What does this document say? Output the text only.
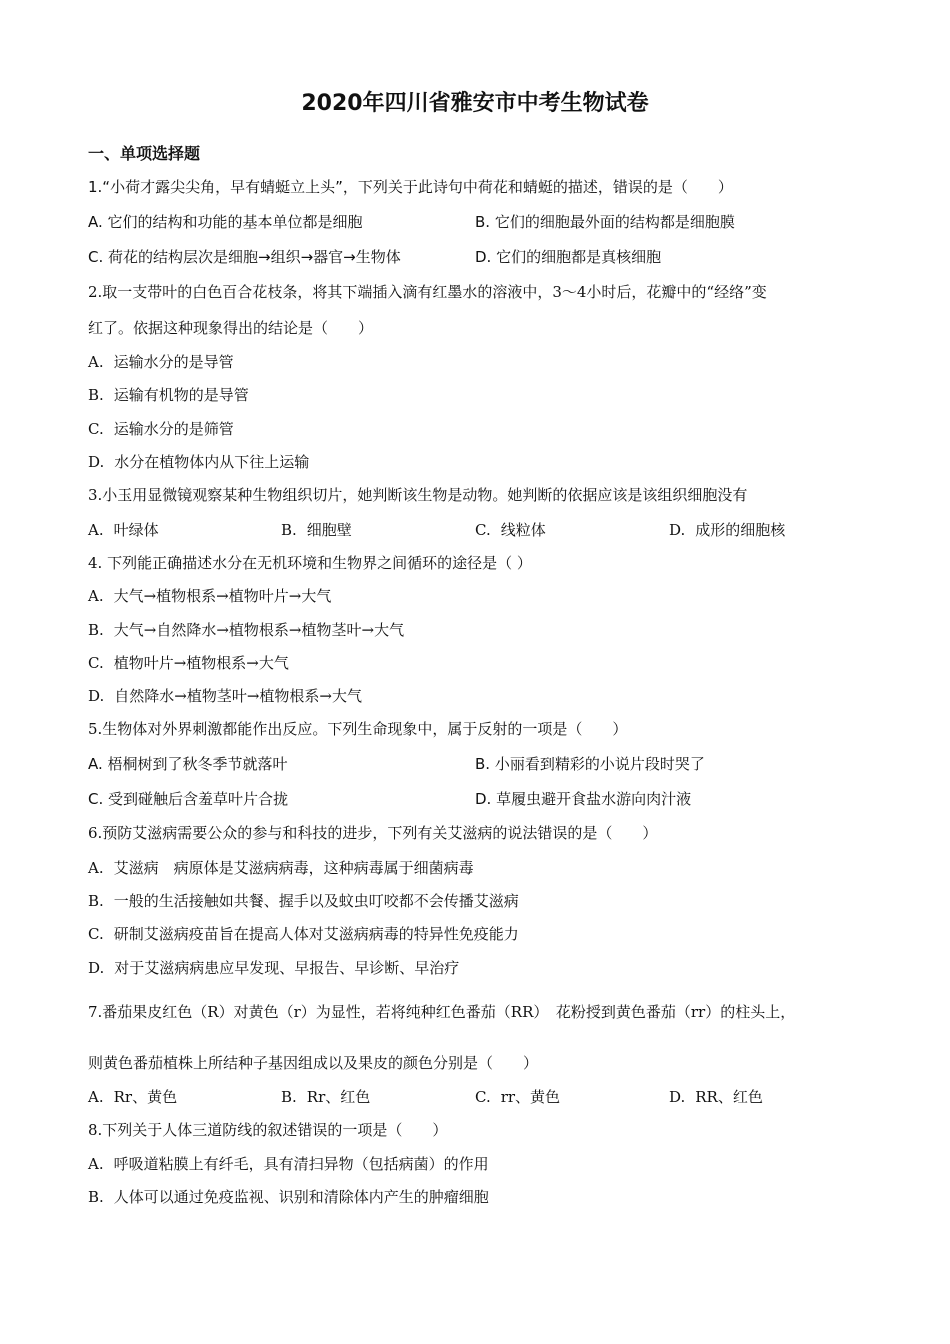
2020年四川省雅安市中考生物试卷
一、单项选择题
1.“小荷才露尖尖角，早有蜻蜓立上头”，下列关于此诗句中荷花和蜻蜓的描述，错误的是（　　）
A. 它们的结构和功能的基本单位都是细胞	B. 它们的细胞最外面的结构都是细胞膜
C. 荷花的结构层次是细胞→组织→器官→生物体	D. 它们的细胞都是真核细胞
2.取一支带叶的白色百合花枝条，将其下端插入滴有红墨水的溶液中，3～4小时后，花瓣中的“经络”变
红了。依据这种现象得出的结论是（　　）
A. 运输水分的是导管
B. 运输有机物的是导管
C. 运输水分的是筛管
D. 水分在植物体内从下往上运输
3.小玉用显微镜观察某种生物组织切片，她判断该生物是动物。她判断的依据应该是该组织细胞没有
A. 叶绿体	B. 细胞壁	C. 线粒体	D. 成形的细胞核
4. 下列能正确描述水分在无机环境和生物界之间循环的途径是（ ）
A. 大气→植物根系→植物叶片→大气
B. 大气→自然降水→植物根系→植物茎叶→大气
C. 植物叶片→植物根系→大气
D. 自然降水→植物茎叶→植物根系→大气
5.生物体对外界刺激都能作出反应。下列生命现象中，属于反射的一项是（　　）
A. 梧桐树到了秋冬季节就落叶	B. 小丽看到精彩的小说片段时哭了
C. 受到碰触后含羞草叶片合拢	D. 草履虫避开食盐水游向肉汁液
6.预防艾滋病需要公众的参与和科技的进步，下列有关艾滋病的说法错误的是（　　）
A. 艾滋病　病原体是艾滋病病毒，这种病毒属于细菌病毒
B. 一般的生活接触如共餐、握手以及蚊虫叮咬都不会传播艾滋病
C. 研制艾滋病疫苗旨在提高人体对艾滋病病毒的特异性免疫能力
D. 对于艾滋病病患应早发现、早报告、早诊断、早治疗
7.番茄果皮红色（R）对黄色（r）为显性，若将纯种红色番茄（RR）　花粉授到黄色番茄（rr）的柱头上，
则黄色番茄植株上所结种子基因组成以及果皮的颜色分别是（　　）
A. Rr、黄色	B. Rr、红色	C. rr、黄色	D. RR、红色
8.下列关于人体三道防线的叙述错误的一项是（　　）
A. 呼吸道粘膜上有纤毛，具有清扫异物（包括病菌）的作用
B. 人体可以通过免疫监视、识别和清除体内产生的肿瘤细胞
